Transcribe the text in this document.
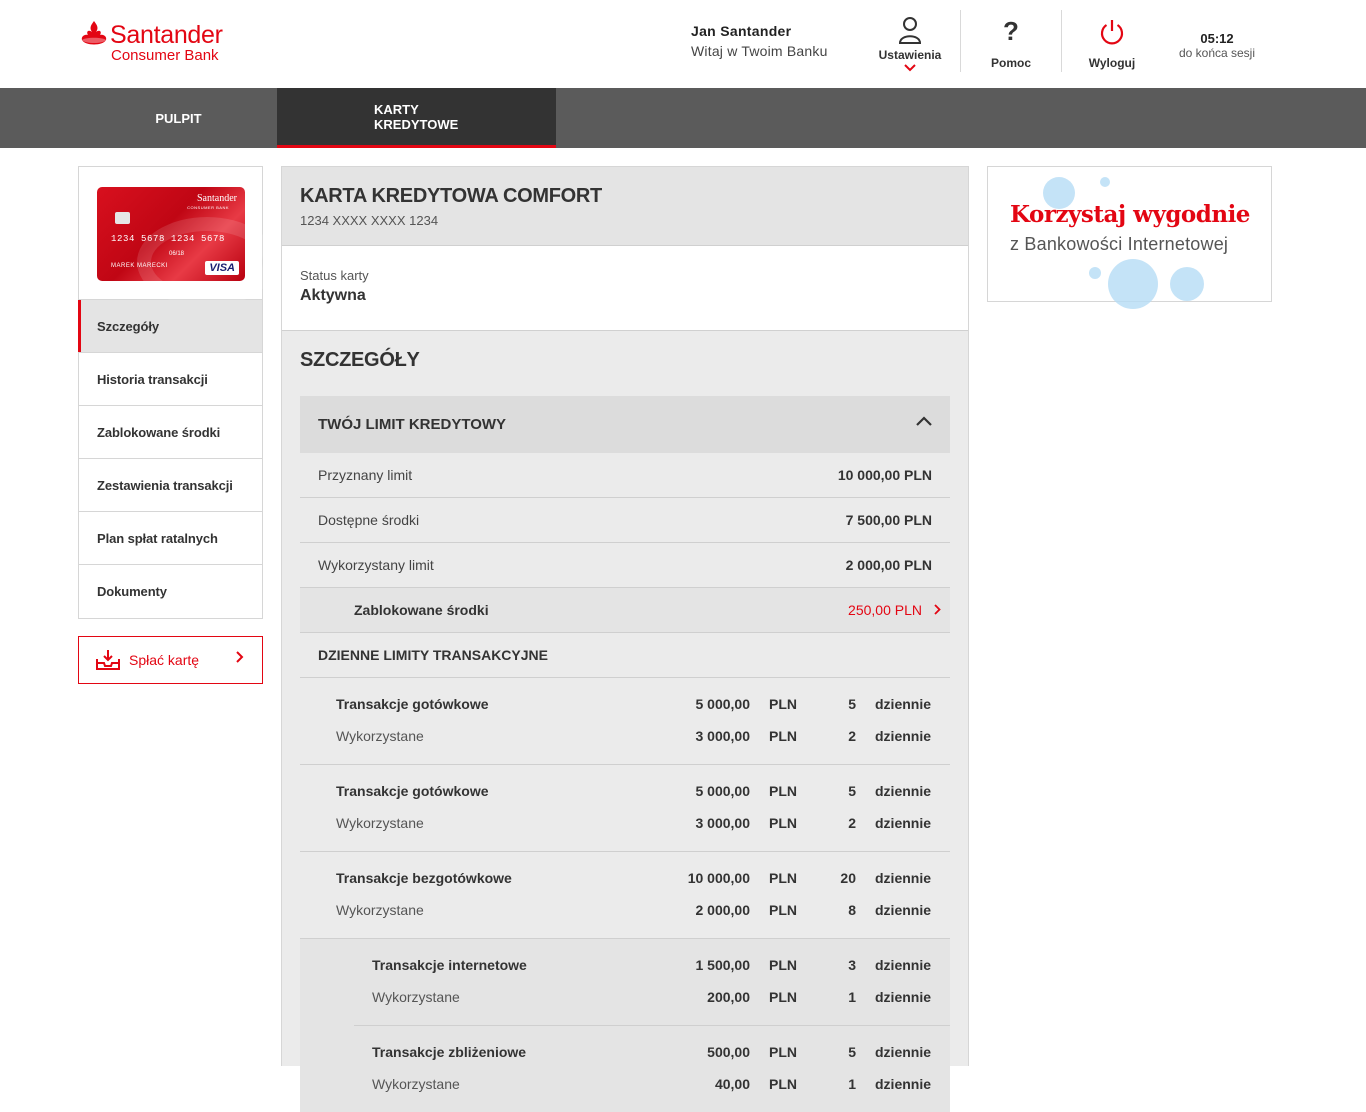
Santander
Consumer Bank
Jan Santander
Witaj w Twoim Banku	Ustawienia
?
Pomoc	Wyloguj
05:12
do końca sesji
PULPIT
KARTY
KREDYTOWE
Santander
CONSUMER BANK
1234 5678 1234 5678
06/18
MAREK MARECKI	VISA
Szczegóły
Historia transakcji
Zablokowane środki
Zestawienia transakcji
Plan spłat ratalnych
Dokumenty
Spłać kartę
KARTA KREDYTOWA COMFORT
1234 XXXX XXXX 1234
Status karty
Aktywna
SZCZEGÓŁY
TWÓJ LIMIT KREDYTOWY
Przyznany limit	10 000,00 PLN
Dostępne środki	7 500,00 PLN
Wykorzystany limit	2 000,00 PLN
Zablokowane środki	250,00 PLN
DZIENNE LIMITY TRANSAKCYJNE
Transakcje gotówkowe	5 000,00 PLN	5 dziennie
Wykorzystane	3 000,00 PLN	2 dziennie
Transakcje gotówkowe	5 000,00 PLN	5 dziennie
Wykorzystane	3 000,00 PLN	2 dziennie
Transakcje bezgotówkowe	10 000,00 PLN	20 dziennie
Wykorzystane	2 000,00 PLN	8 dziennie
Transakcje internetowe	1 500,00 PLN	3 dziennie
Wykorzystane	200,00 PLN	1 dziennie
Transakcje zbliżeniowe	500,00 PLN	5 dziennie
Wykorzystane	40,00 PLN	1 dziennie
Korzystaj wygodnie
z Bankowości Internetowej
